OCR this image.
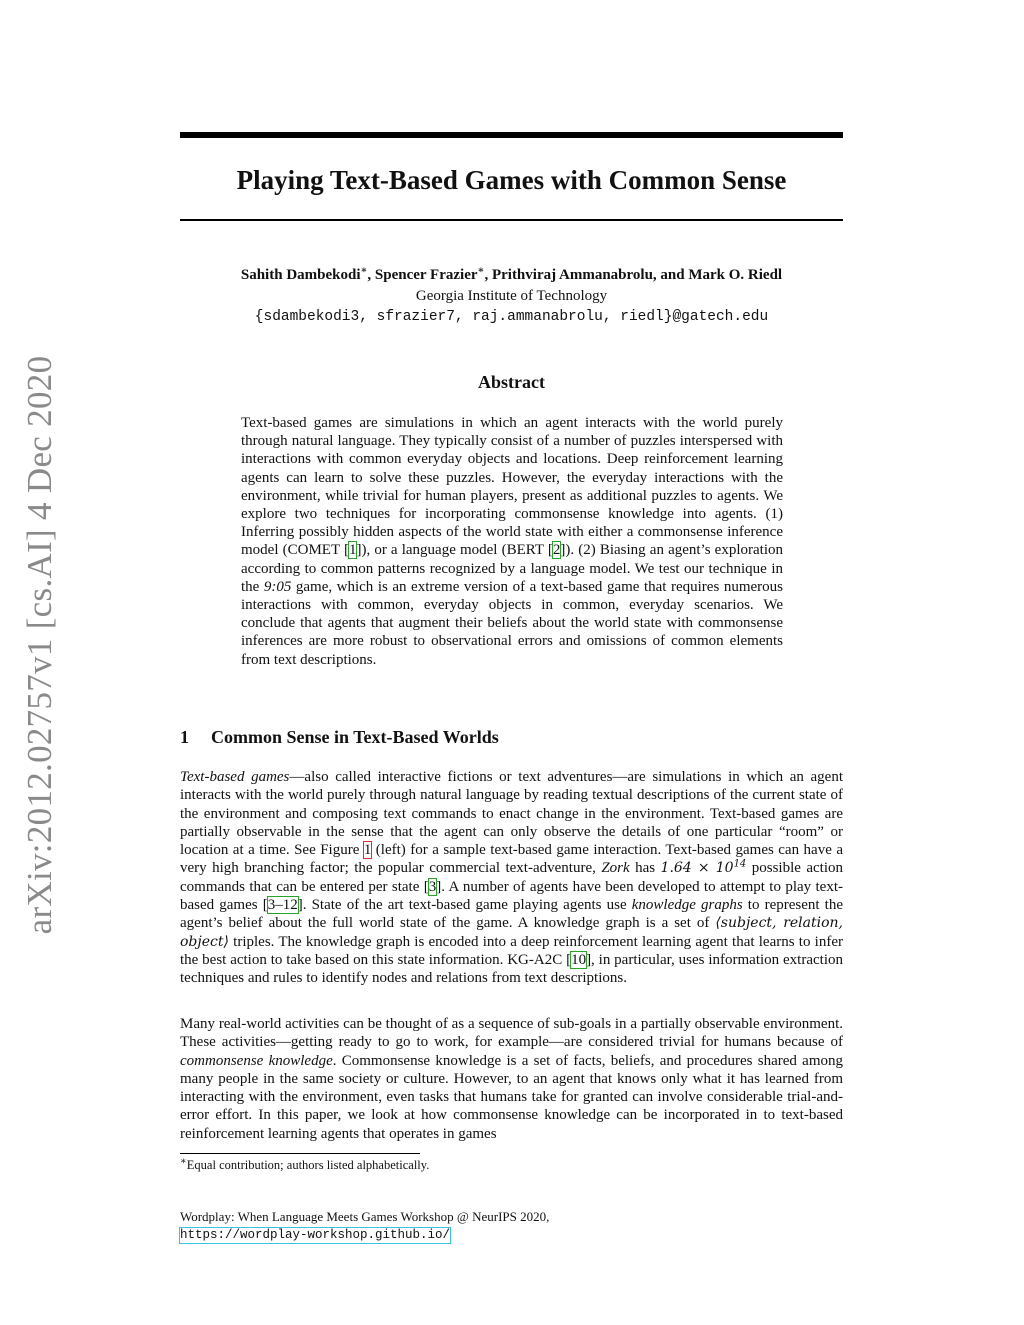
arXiv:2012.02757v1 [cs.AI] 4 Dec 2020
Playing Text-Based Games with Common Sense
Sahith Dambekodi∗, Spencer Frazier∗, Prithviraj Ammanabrolu, and Mark O. Riedl
Georgia Institute of Technology
{sdambekodi3, sfrazier7, raj.ammanabrolu, riedl}@gatech.edu
Abstract
Text-based games are simulations in which an agent interacts with the world purely through natural language. They typically consist of a number of puzzles interspersed with interactions with common everyday objects and locations. Deep reinforcement learning agents can learn to solve these puzzles. However, the everyday interactions with the environment, while trivial for human players, present as additional puzzles to agents. We explore two techniques for incorporating commonsense knowledge into agents. (1) Inferring possibly hidden aspects of the world state with either a commonsense inference model (COMET [1]), or a language model (BERT [2]). (2) Biasing an agent’s exploration according to common patterns recognized by a language model. We test our technique in the 9:05 game, which is an extreme version of a text-based game that requires numerous interactions with common, everyday objects in common, everyday scenarios. We conclude that agents that augment their beliefs about the world state with commonsense inferences are more robust to observational errors and omissions of common elements from text descriptions.
1 Common Sense in Text-Based Worlds
Text-based games—also called interactive fictions or text adventures—are simulations in which an agent interacts with the world purely through natural language by reading textual descriptions of the current state of the environment and composing text commands to enact change in the environment. Text-based games are partially observable in the sense that the agent can only observe the details of one particular “room” or location at a time. See Figure 1 (left) for a sample text-based game interaction. Text-based games can have a very high branching factor; the popular commercial text-adventure, Zork has $1.64 \times 10^{14}$ possible action commands that can be entered per state [3]. A number of agents have been developed to attempt to play text-based games [3–12]. State of the art text-based game playing agents use knowledge graphs to represent the agent’s belief about the full world state of the game. A knowledge graph is a set of ⟨subject, relation, object⟩ triples. The knowledge graph is encoded into a deep reinforcement learning agent that learns to infer the best action to take based on this state information. KG-A2C [10], in particular, uses information extraction techniques and rules to identify nodes and relations from text descriptions.
Many real-world activities can be thought of as a sequence of sub-goals in a partially observable environment. These activities—getting ready to go to work, for example—are considered trivial for humans because of commonsense knowledge. Commonsense knowledge is a set of facts, beliefs, and procedures shared among many people in the same society or culture. However, to an agent that knows only what it has learned from interacting with the environment, even tasks that humans take for granted can involve considerable trial-and-error effort. In this paper, we look at how commonsense knowledge can be incorporated in to text-based reinforcement learning agents that operates in games
∗Equal contribution; authors listed alphabetically.
Wordplay: When Language Meets Games Workshop @ NeurIPS 2020,
https://wordplay-workshop.github.io/
